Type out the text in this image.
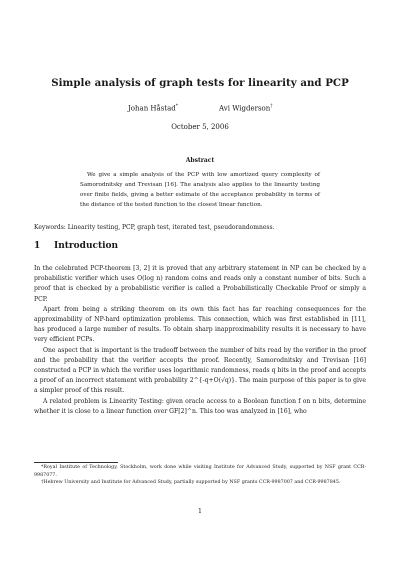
Simple analysis of graph tests for linearity and PCP
Johan Håstad*	Avi Wigderson†
October 5, 2006
Abstract
We give a simple analysis of the PCP with low amortized query complexity of Samorodnitsky and Trevisan [16]. The analysis also applies to the linearity testing over finite fields, giving a better estimate of the acceptance probability in terms of the distance of the tested function to the closest linear function.
Keywords: Linearity testing, PCP, graph test, iterated test, pseudorandomness.
1 Introduction

In the celebrated PCP-theorem [3, 2] it is proved that any arbitrary statement in NP can be checked by a probabilistic verifier which uses O(log n) random coins and reads only a constant number of bits. Such a proof that is checked by a probabilistic verifier is called a Probabilistically Checkable Proof or simply a PCP.

Apart from being a striking theorem on its own this fact has far reaching consequences for the approximability of NP-hard optimization problems. This connection, which was first established in [11], has produced a large number of results. To obtain sharp inapproximability results it is necessary to have very efficient PCPs.

One aspect that is important is the tradeoff between the number of bits read by the verifier in the proof and the probability that the verifier accepts the proof. Recently, Samorodnitsky and Trevisan [16] constructed a PCP in which the verifier uses logarithmic randomness, reads q bits in the proof and accepts a proof of an incorrect statement with probability 2^{-q+O(√q)}. The main purpose of this paper is to give a simpler proof of this result.

A related problem is Linearity Testing: given oracle access to a Boolean function f on n bits, determine whether it is close to a linear function over GF[2]^n. This too was analyzed in [16], who

*Royal Institute of Technology, Stockholm, work done while visiting Institute for Advanced Study, supported by NSF grant CCR-9987077.

†Hebrew University and Institute for Advanced Study, partially supported by NSF grants CCR-9987007 and CCR-9987845.

1
